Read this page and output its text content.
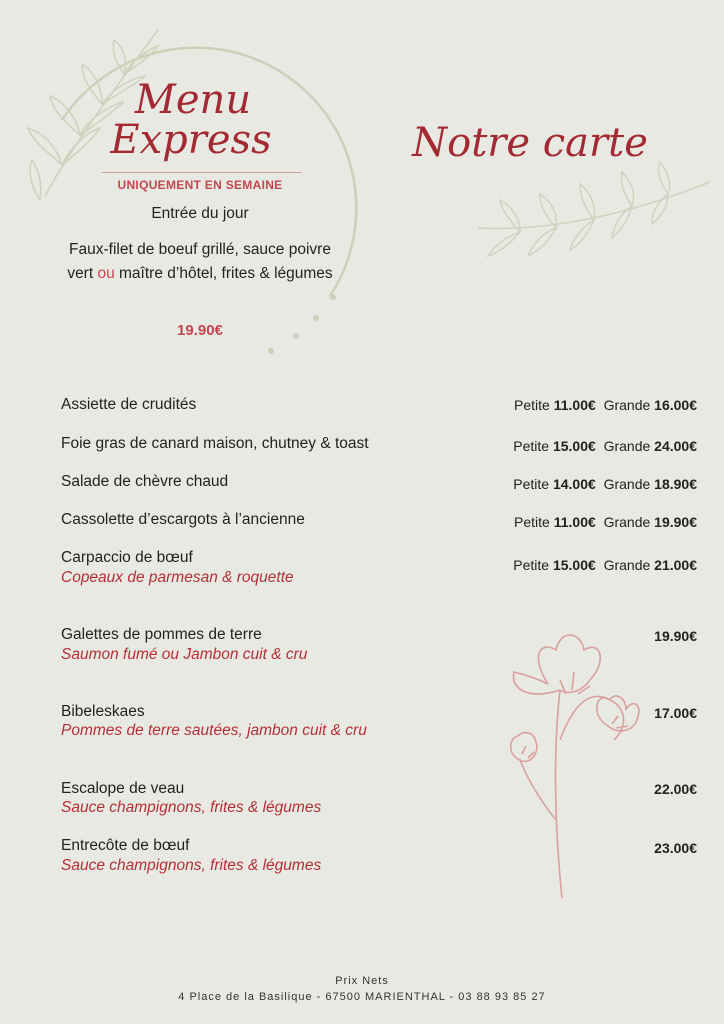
Menu
Express
UNIQUEMENT EN SEMAINE
Entrée du jour
Faux-filet de boeuf grillé, sauce poivre vert ou maître d’hôtel, frites & légumes
19.90€
Notre carte
Assiette de crudités	Petite 11.00€ Grande 16.00€
Foie gras de canard maison, chutney & toast	Petite 15.00€ Grande 24.00€
Salade de chèvre chaud	Petite 14.00€ Grande 18.90€
Cassolette d’escargots à l’ancienne	Petite 11.00€ Grande 19.90€
Carpaccio de bœuf
Copeaux de parmesan & roquette
Petite 15.00€ Grande 21.00€
Galettes de pommes de terre
Saumon fumé ou Jambon cuit & cru
19.90€
Bibeleskaes
Pommes de terre sautées, jambon cuit & cru
17.00€
Escalope de veau
Sauce champignons, frites & légumes
22.00€
Entrecôte de bœuf
Sauce champignons, frites & légumes
23.00€
Prix Nets
4 Place de la Basilique - 67500 MARIENTHAL - 03 88 93 85 27
